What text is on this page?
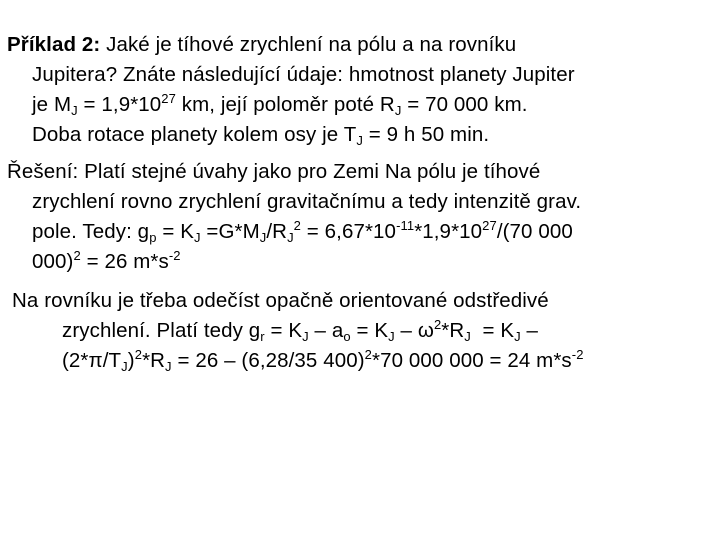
Příklad 2: Jaké je tíhové zrychlení na pólu a na rovníku
Jupitera? Znáte následující údaje: hmotnost planety Jupiter
je $M_J = 1,9*10^{27}$ km, její poloměr poté $R_J = 70$ 000 km.
Doba rotace planety kolem osy je $T_J = 9$ h 50 min.
Řešení: Platí stejné úvahy jako pro Zemi Na pólu je tíhové
zrychlení rovno zrychlení gravitačnímu a tedy intenzitě grav.
pole. Tedy: $g_p = K_J =G*M_J/R_J^2 = 6,67*10^{-11}*1,9*10^{27}/(70$ 000
000)$^2$ = 26 $m*s^{-2}$
Na rovníku je třeba odečíst opačně orientované odstředivé
zrychlení. Platí tedy $g_r = K_J - a_o = K_J - \omega^2*R_J = K_J$ –
$(2*\pi/T_J)^2*R_J = 26 - (6,28/35$ 400)$^2$*70 000 000 = 24 $m*s^{-2}$
